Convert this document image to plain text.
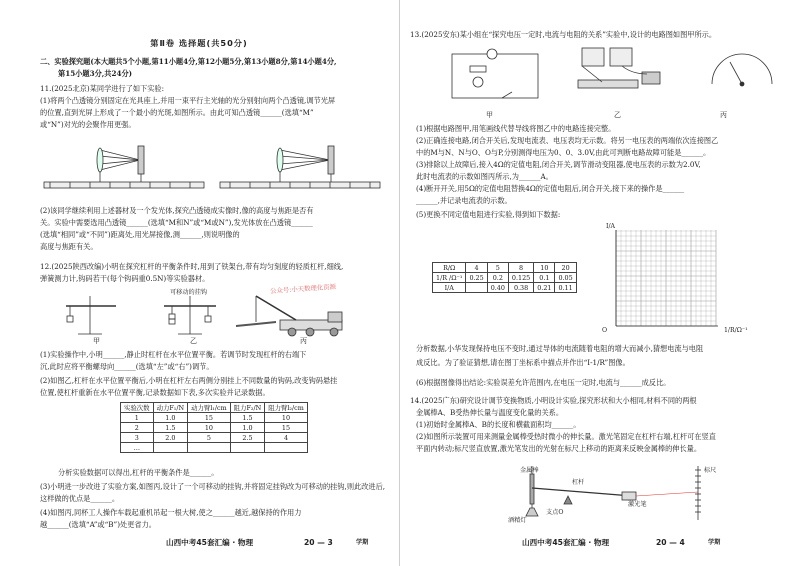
第Ⅱ卷 选择题(共50分)
二、实验探究题(本大题共5个小题,第11小题4分,第12小题5分,第13小题8分,第14小题4分,
第15小题3分,共24分)
11.(2025北京)某同学进行了如下实验:
(1)将两个凸透镜分别固定在光具座上,并用一束平行主光轴的光分别射向两个凸透镜,调节光屏
的位置,直到光屏上形成了一个最小的光斑,如图所示。由此可知凸透镜______(选填“M”
或“N”)对光的会聚作用更强。
(2)该同学继续利用上述器材及一个发光体,探究凸透镜成实像时,像的高度与焦距是否有
关。实验中需要选用凸透镜______(选填“M和N”或“M或N”),发光体放在凸透镜______
(选填“相同”或“不同”)距离处,用光屏接像,测______,则说明像的
高度与焦距有关。
12.(2025陕西改编)小明在探究杠杆的平衡条件时,用到了铁架台,带有均匀刻度的轻质杠杆,细线,
弹簧测力计,钩码若干(每个钩码重0.5N)等实验器材。
可移动的挂钩
甲	乙	丙
(1)实验操作中,小明______,静止时杠杆在水平位置平衡。若调节时发现杠杆的右端下
沉,此时应将平衡螺母向______(选填“左”或“右”)调节。
(2)如图乙,杠杆在水平位置平衡后,小明在杠杆左右两侧分别挂上不同数量的钩码,改变钩码悬挂
位置,使杠杆重新在水平位置平衡,记录数据如下表,多次实验并记录数据。
实验次数	动力F₁/N	动力臂l₁/cm	阻力F₂/N	阻力臂l₂/cm
1	1.0	15	1.5	10
2	1.5	10	1.0	15
3	2.0	5	2.5	4
…				
分析实验数据可以得出,杠杆的平衡条件是______。
(3)小明进一步改进了实验方案,如图丙,设计了一个可移动的挂钩,并将固定挂钩改为可移动的挂钩,则此改进后,
这样做的优点是______。
(4)如图丙,同杯工人操作车载起重机吊起一根大树,使之______越近,越保持的作用力
越______(选填“A”或“B”)处更省力。
山西中考45套汇编 · 物理	20 — 3	学期
公众号:小天数理化资源
13.(2025安东)某小组在“探究电压一定时,电流与电阻的关系”实验中,设计的电路图如图甲所示。
甲	乙	丙
(1)根据电路图甲,用笔画线代替导线将图乙中的电路连接完整。
(2)正确连接电路,闭合开关后,发现电流表、电压表均无示数。将另一电压表的两端依次连接图乙
中的M与N、N与O、O与P,分别测得电压为0、0、3.0V,由此可判断电路故障可能是______。
(3)排除以上故障后,接入4Ω的定值电阻,闭合开关,调节滑动变阻器,使电压表的示数为2.0V,
此时电流表的示数如图丙所示,为______A。
(4)断开开关,用5Ω的定值电阻替换4Ω的定值电阻后,闭合开关,接下来的操作是______
______,并记录电流表的示数。
(5)更换不同定值电阻进行实验,得到如下数据:
R/Ω	4	5	8	10	20
1/R /Ω⁻¹	0.25	0.2	0.125	0.1	0.05
I/A		0.40	0.38	0.21	0.11
I/A
O	1/R/Ω⁻¹
分析数据,小华发现保持电压不变时,通过导体的电流随着电阻的增大而减小,猜想电流与电阻
成反比。为了验证猜想,请在图丁坐标系中描点并作出“I-1/R”图像。
(6)根据图像得出结论:实验误差允许范围内,在电压一定时,电流与______成反比。
14.(2025广东)研究设计调节变换物质,小明设计实验,探究形状和大小相同,材料不同的两根
金属棒A、B受热伸长量与温度变化量的关系。
(1)初始时金属棒A、B的长度和横截面积均______。
(2)如图所示装置可用来测量金属棒受热时微小的伸长量。激光笔固定在杠杆右端,杠杆可在竖直
平面内转动;标尺竖直放置,激光笔发出的光射在标尺上移动的距离来反映金属棒的伸长量。
金属棒
杠杆
激光笔
支点O
标尺
酒精灯
山西中考45套汇编 · 物理	20 — 4	学期
